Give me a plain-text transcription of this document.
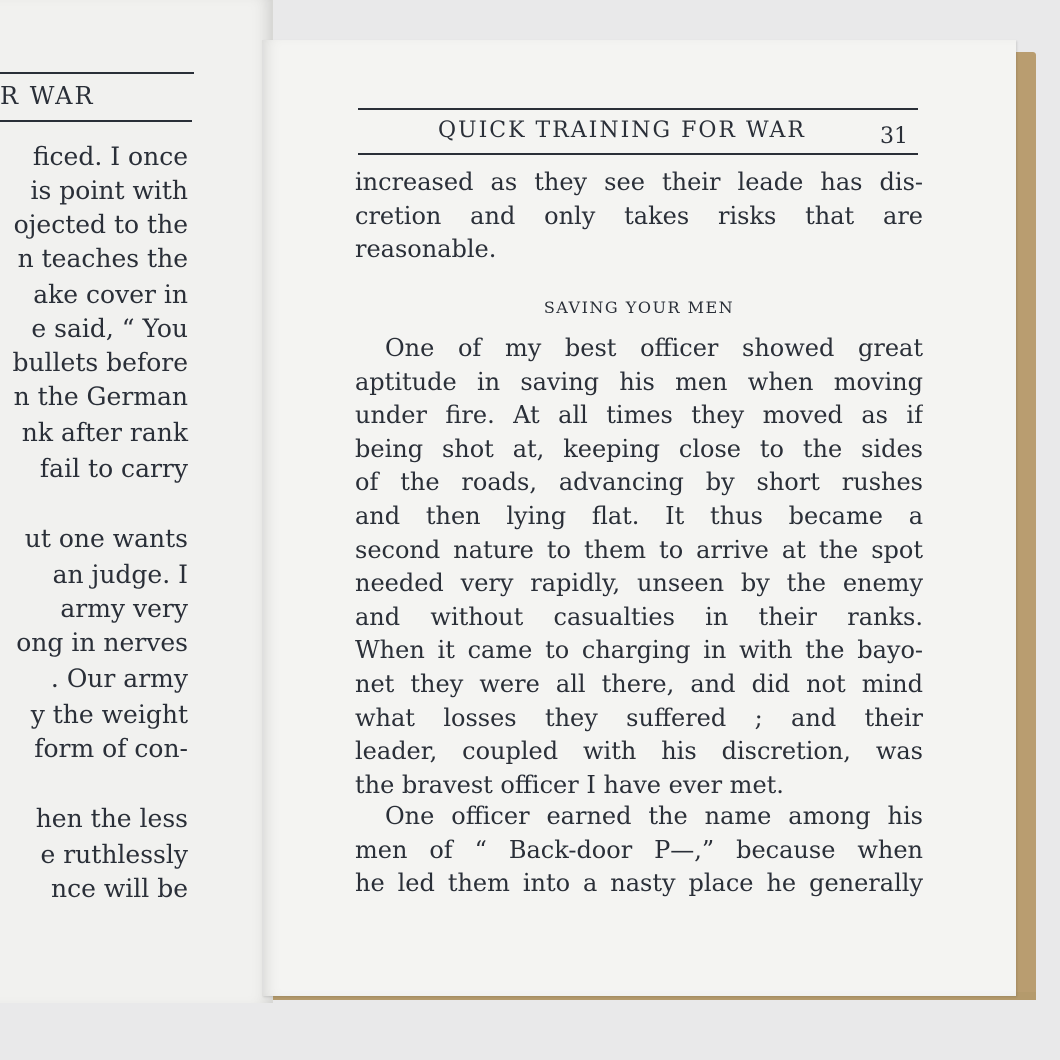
R WAR
ficed. I once
is point with
ojected to the
n teaches the
ake cover in
e said, “ You
bullets before
n the German
nk after rank
fail to carry
ut one wants
an judge. I
army very
ong in nerves
. Our army
y the weight
form of con-
hen the less
e ruthlessly
nce will be
QUICK TRAINING FOR WAR	31
increased as they see their leade has dis-
cretion and only takes risks that are
reasonable.
SAVING YOUR MEN
One of my best officer showed great
aptitude in saving his men when moving
under fire. At all times they moved as if
being shot at, keeping close to the sides
of the roads, advancing by short rushes
and then lying flat. It thus became a
second nature to them to arrive at the spot
needed very rapidly, unseen by the enemy
and without casualties in their ranks.
When it came to charging in with the bayo-
net they were all there, and did not mind
what losses they suffered ; and their
leader, coupled with his discretion, was
the bravest officer I have ever met.
One officer earned the name among his
men of “ Back-door P—,” because when
he led them into a nasty place he generally
